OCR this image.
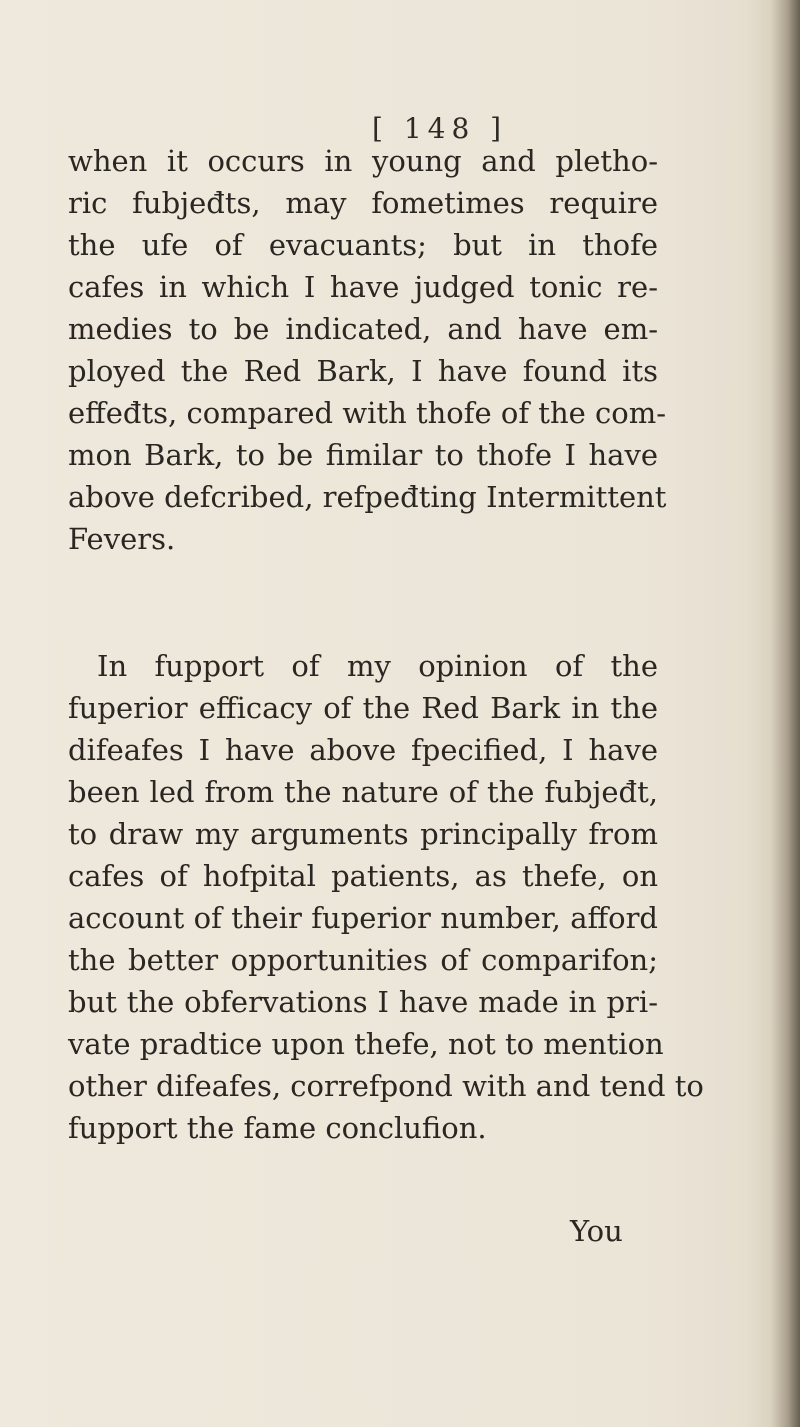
[ 148 ]
when it occurs in young and pletho-
ric fubjeđts, may fometimes require
the ufe of evacuants; but in thofe
cafes in which I have judged tonic re-
medies to be indicated, and have em-
ployed the Red Bark, I have found its
effeđts, compared with thofe of the com-
mon Bark, to be fimilar to thofe I have
above defcribed, refpeđting Intermittent
Fevers.
In fupport of my opinion of the
fuperior efficacy of the Red Bark in the
difeafes I have above fpecified, I have
been led from the nature of the fubjeđt,
to draw my arguments principally from
cafes of hofpital patients, as thefe, on
account of their fuperior number, afford
the better opportunities of comparifon;
but the obfervations I have made in pri-
vate pradtice upon thefe, not to mention
other difeafes, correfpond with and tend to
fupport the fame conclufion.
You
